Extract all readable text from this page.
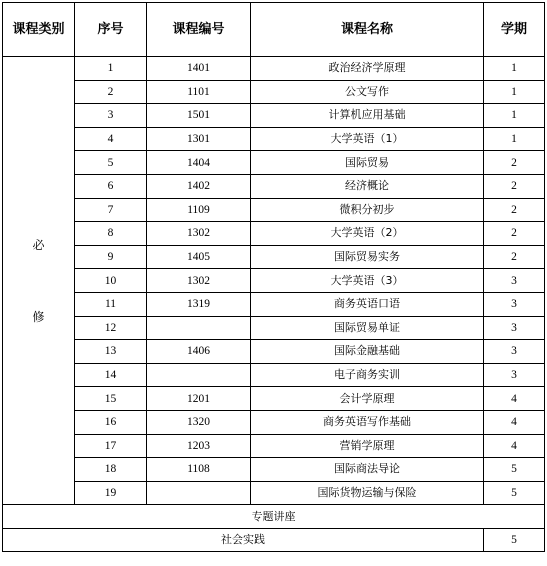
课程类别	序号	课程编号	课程名称	学期

必
修	1	1401	政治经济学原理	1
	2	1101	公文写作	1
	3	1501	计算机应用基础	1
	4	1301	大学英语（1）	1
	5	1404	国际贸易	2
	6	1402	经济概论	2
	7	1109	微积分初步	2
	8	1302	大学英语（2）	2
	9	1405	国际贸易实务	2
	10	1302	大学英语（3）	3
	11	1319	商务英语口语	3
	12		国际贸易单证	3
	13	1406	国际金融基础	3
	14		电子商务实训	3
	15	1201	会计学原理	4
	16	1320	商务英语写作基础	4
	17	1203	营销学原理	4
	18	1108	国际商法导论	5
	19		国际货物运输与保险	5
专题讲座				
社会实践				5
